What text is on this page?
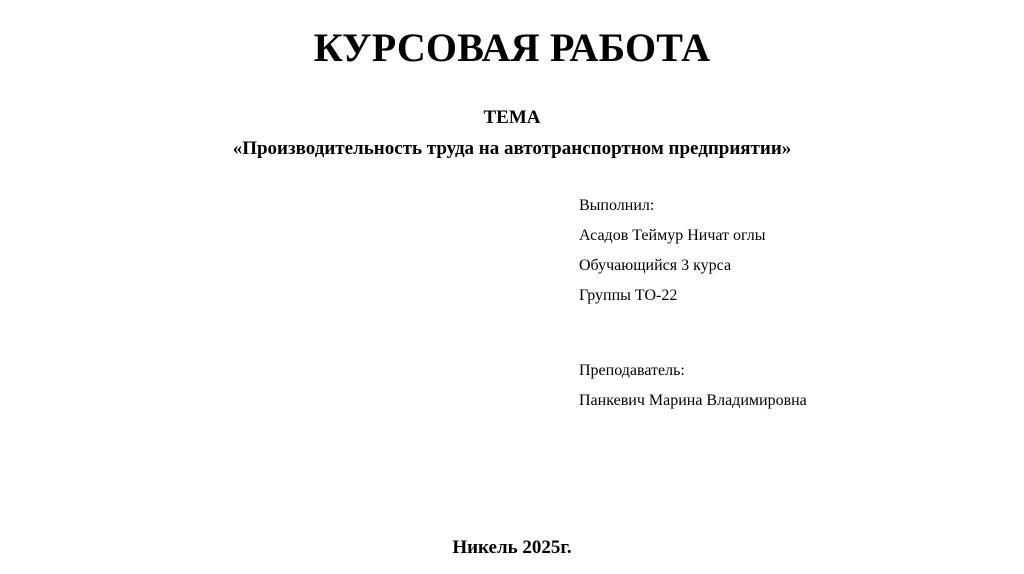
КУРСОВАЯ РАБОТА
ТЕМА
«Производительность труда на автотранспортном предприятии»
Выполнил:
Асадов Теймур Ничат оглы
Обучающийся 3 курса
Группы ТО-22
Преподаватель:
Панкевич Марина Владимировна
Никель 2025г.
